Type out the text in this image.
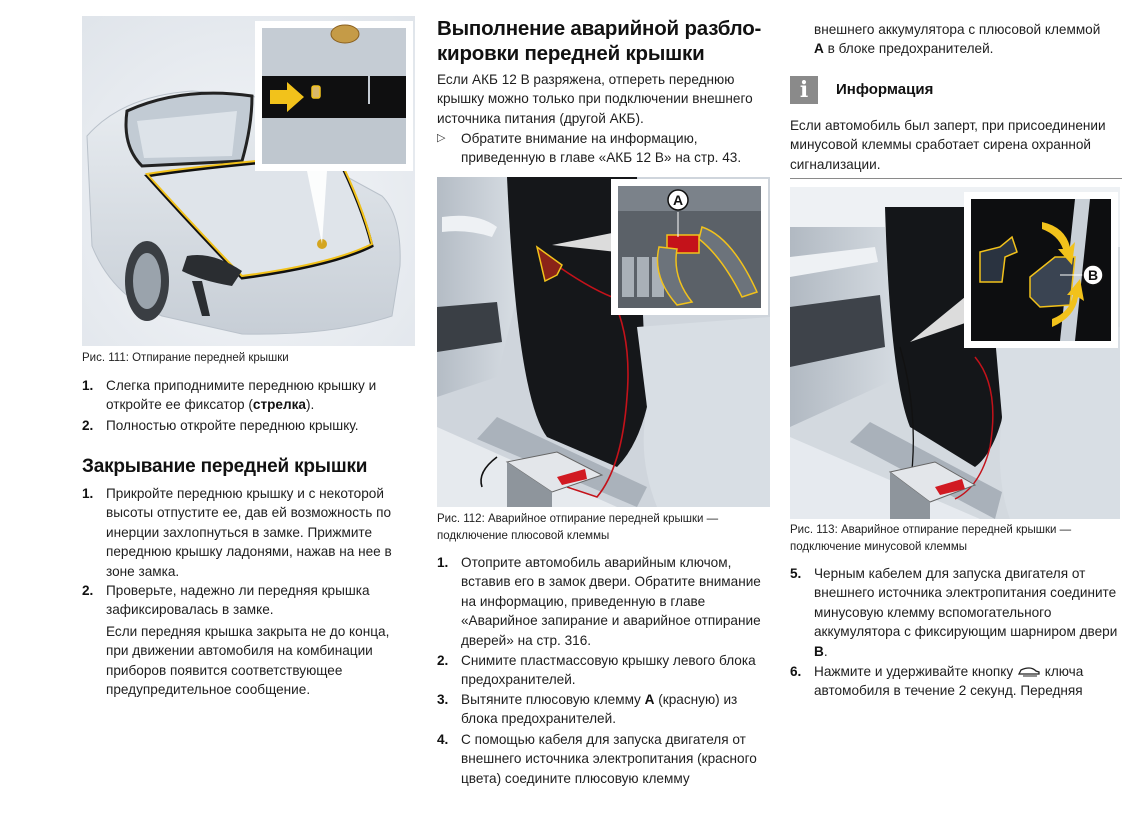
Рис. 111: Отпирание передней крышки
1. Слегка приподнимите переднюю крышку и откройте ее фиксатор (стрелка).
2. Полностью откройте переднюю крышку.
Закрывание передней крышки
1. Прикройте переднюю крышку и с некоторой высоты отпустите ее, дав ей возможность по инерции захлопнуться в замке. Прижмите переднюю крышку ладонями, нажав на нее в зоне замка.
2. Проверьте, надежно ли передняя крышка зафиксировалась в замке.
Если передняя крышка закрыта не до конца, при движении автомобиля на комбинации приборов появится соответствующее предупредительное сообщение.
Выполнение аварийной разбло-
кировки передней крышки
Если АКБ 12 В разряжена, отпереть переднюю крышку можно только при подключении внешнего источника питания (другой АКБ).
▷ Обратите внимание на информацию, приведенную в главе «АКБ 12 В» на стр. 43.
A
Рис. 112: Аварийное отпирание передней крышки — подключение плюсовой клеммы
1. Отоприте автомобиль аварийным ключом, вставив его в замок двери. Обратите внимание на информацию, приведенную в главе «Аварийное запирание и аварийное отпирание дверей» на стр. 316.
2. Снимите пластмассовую крышку левого блока предохранителей.
3. Вытяните плюсовую клемму A (красную) из блока предохранителей.
4. С помощью кабеля для запуска двигателя от внешнего источника электропитания (красного цвета) соедините плюсовую клемму
внешнего аккумулятора с плюсовой клеммой
A в блоке предохранителей.
i	Информация
Если автомобиль был заперт, при присоединении минусовой клеммы сработает сирена охранной сигнализации.
B
Рис. 113: Аварийное отпирание передней крышки — подключение минусовой клеммы
5. Черным кабелем для запуска двигателя от внешнего источника электропитания соедините минусовую клемму вспомогательного аккумулятора с фиксирующим шарниром двери B.
6. Нажмите и удерживайте кнопку  ключа автомобиля в течение 2 секунд. Передняя
